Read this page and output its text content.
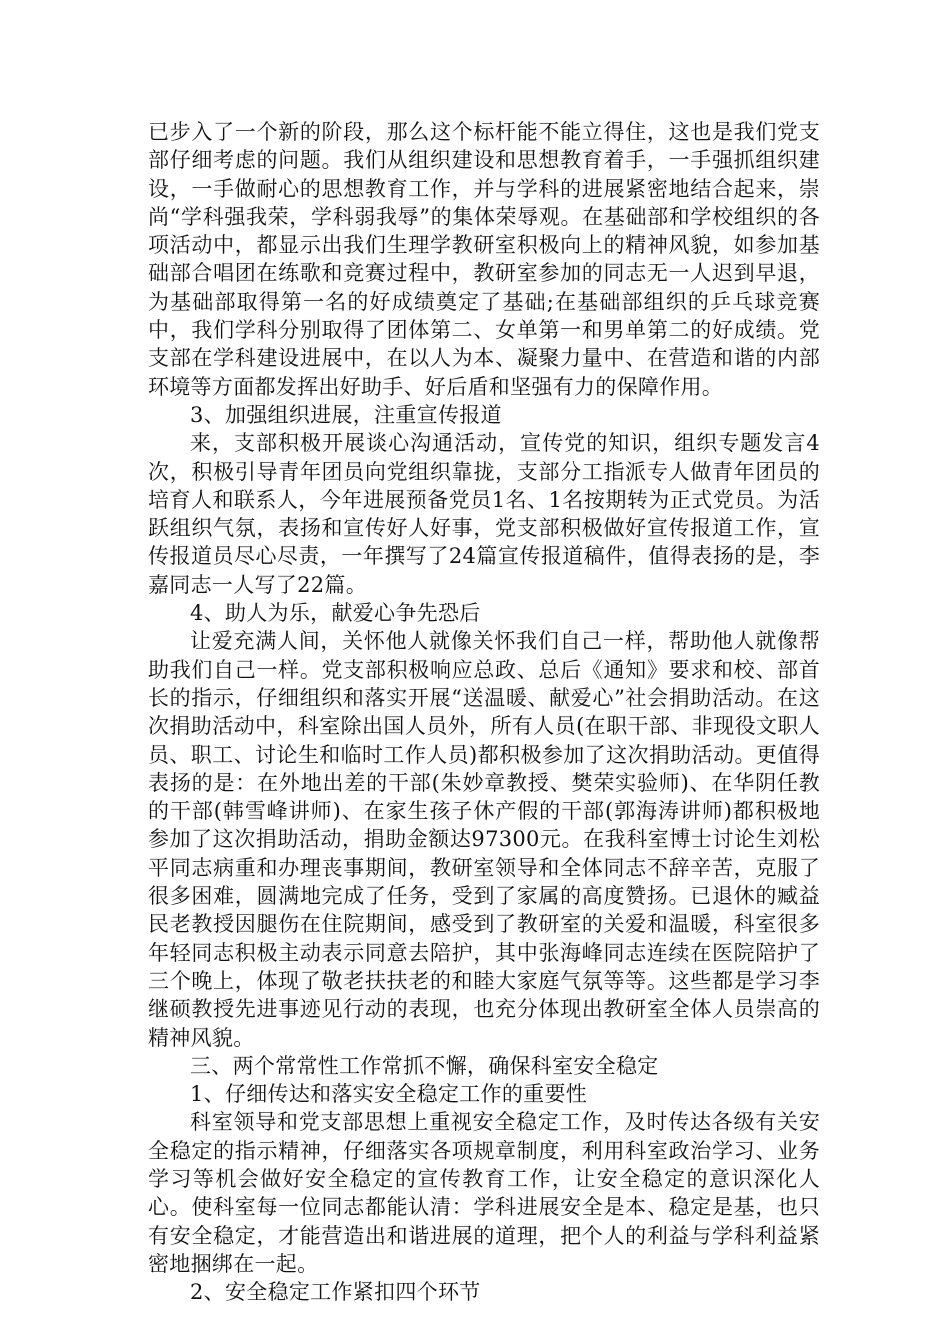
已步入了一个新的阶段，那么这个标杆能不能立得住，这也是我们党支部仔细考虑的问题。我们从组织建设和思想教育着手，一手强抓组织建设，一手做耐心的思想教育工作，并与学科的进展紧密地结合起来，崇尚“学科强我荣，学科弱我辱”的集体荣辱观。在基础部和学校组织的各项活动中，都显示出我们生理学教研室积极向上的精神风貌，如参加基础部合唱团在练歌和竞赛过程中，教研室参加的同志无一人迟到早退，为基础部取得第一名的好成绩奠定了基础;在基础部组织的乒乓球竞赛中，我们学科分别取得了团体第二、女单第一和男单第二的好成绩。党支部在学科建设进展中，在以人为本、凝聚力量中、在营造和谐的内部环境等方面都发挥出好助手、好后盾和坚强有力的保障作用。

3、加强组织进展，注重宣传报道

来，支部积极开展谈心沟通活动，宣传党的知识，组织专题发言4次，积极引导青年团员向党组织靠拢，支部分工指派专人做青年团员的培育人和联系人，今年进展预备党员1名、1名按期转为正式党员。为活跃组织气氛，表扬和宣传好人好事，党支部积极做好宣传报道工作，宣传报道员尽心尽责，一年撰写了24篇宣传报道稿件，值得表扬的是，李嘉同志一人写了22篇。

4、助人为乐，献爱心争先恐后

让爱充满人间，关怀他人就像关怀我们自己一样，帮助他人就像帮助我们自己一样。党支部积极响应总政、总后《通知》要求和校、部首长的指示，仔细组织和落实开展“送温暖、献爱心”社会捐助活动。在这次捐助活动中，科室除出国人员外，所有人员(在职干部、非现役文职人员、职工、讨论生和临时工作人员)都积极参加了这次捐助活动。更值得表扬的是：在外地出差的干部(朱妙章教授、樊荣实验师)、在华阴任教的干部(韩雪峰讲师)、在家生孩子休产假的干部(郭海涛讲师)都积极地参加了这次捐助活动，捐助金额达97300元。在我科室博士讨论生刘松平同志病重和办理丧事期间，教研室领导和全体同志不辞辛苦，克服了很多困难，圆满地完成了任务，受到了家属的高度赞扬。已退休的臧益民老教授因腿伤在住院期间，感受到了教研室的关爱和温暖，科室很多年轻同志积极主动表示同意去陪护，其中张海峰同志连续在医院陪护了三个晚上，体现了敬老扶扶老的和睦大家庭气氛等等。这些都是学习李继硕教授先进事迹见行动的表现，也充分体现出教研室全体人员崇高的精神风貌。

三、两个常常性工作常抓不懈，确保科室安全稳定

1、仔细传达和落实安全稳定工作的重要性

科室领导和党支部思想上重视安全稳定工作，及时传达各级有关安全稳定的指示精神，仔细落实各项规章制度，利用科室政治学习、业务学习等机会做好安全稳定的宣传教育工作，让安全稳定的意识深化人心。使科室每一位同志都能认清：学科进展安全是本、稳定是基，也只有安全稳定，才能营造出和谐进展的道理，把个人的利益与学科利益紧密地捆绑在一起。

2、安全稳定工作紧扣四个环节
